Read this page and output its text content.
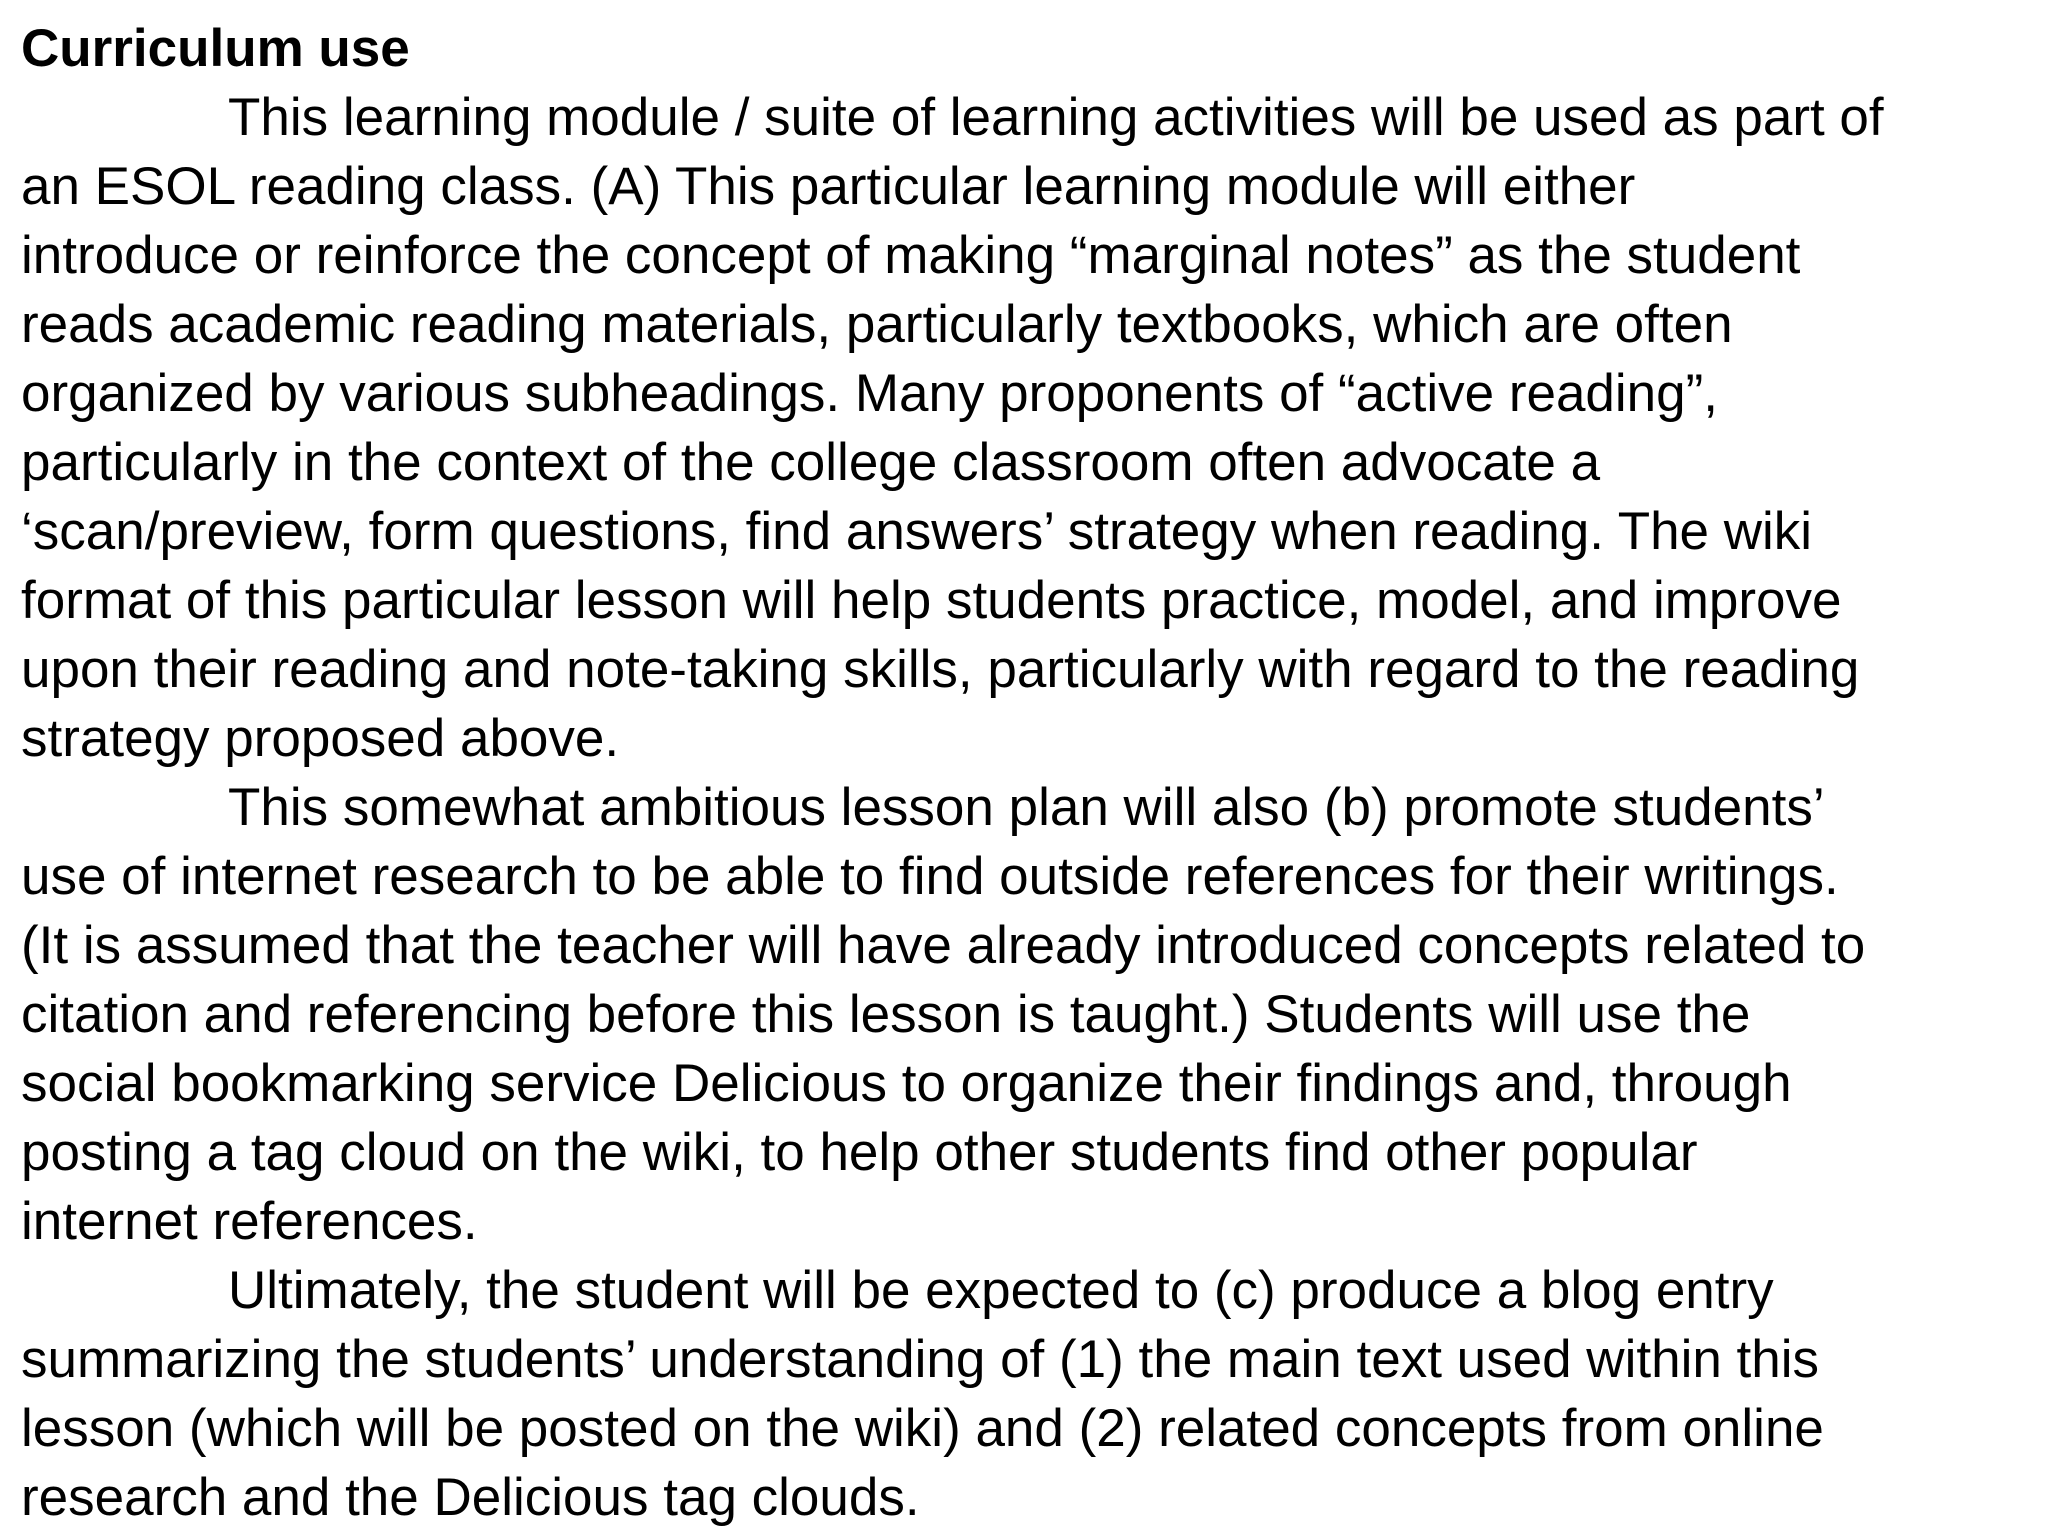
Curriculum use
This learning module / suite of learning activities will be used as part of
an ESOL reading class. (A) This particular learning module will either
introduce or reinforce the concept of making “marginal notes” as the student
reads academic reading materials, particularly textbooks, which are often
organized by various subheadings. Many proponents of “active reading”,
particularly in the context of the college classroom often advocate a
‘scan/preview, form questions, find answers’ strategy when reading. The wiki
format of this particular lesson will help students practice, model, and improve
upon their reading and note-taking skills, particularly with regard to the reading
strategy proposed above.
This somewhat ambitious lesson plan will also (b) promote students’
use of internet research to be able to find outside references for their writings.
(It is assumed that the teacher will have already introduced concepts related to
citation and referencing before this lesson is taught.) Students will use the
social bookmarking service Delicious to organize their findings and, through
posting a tag cloud on the wiki, to help other students find other popular
internet references.
Ultimately, the student will be expected to (c) produce a blog entry
summarizing the students’ understanding of (1) the main text used within this
lesson (which will be posted on the wiki) and (2) related concepts from online
research and the Delicious tag clouds.
